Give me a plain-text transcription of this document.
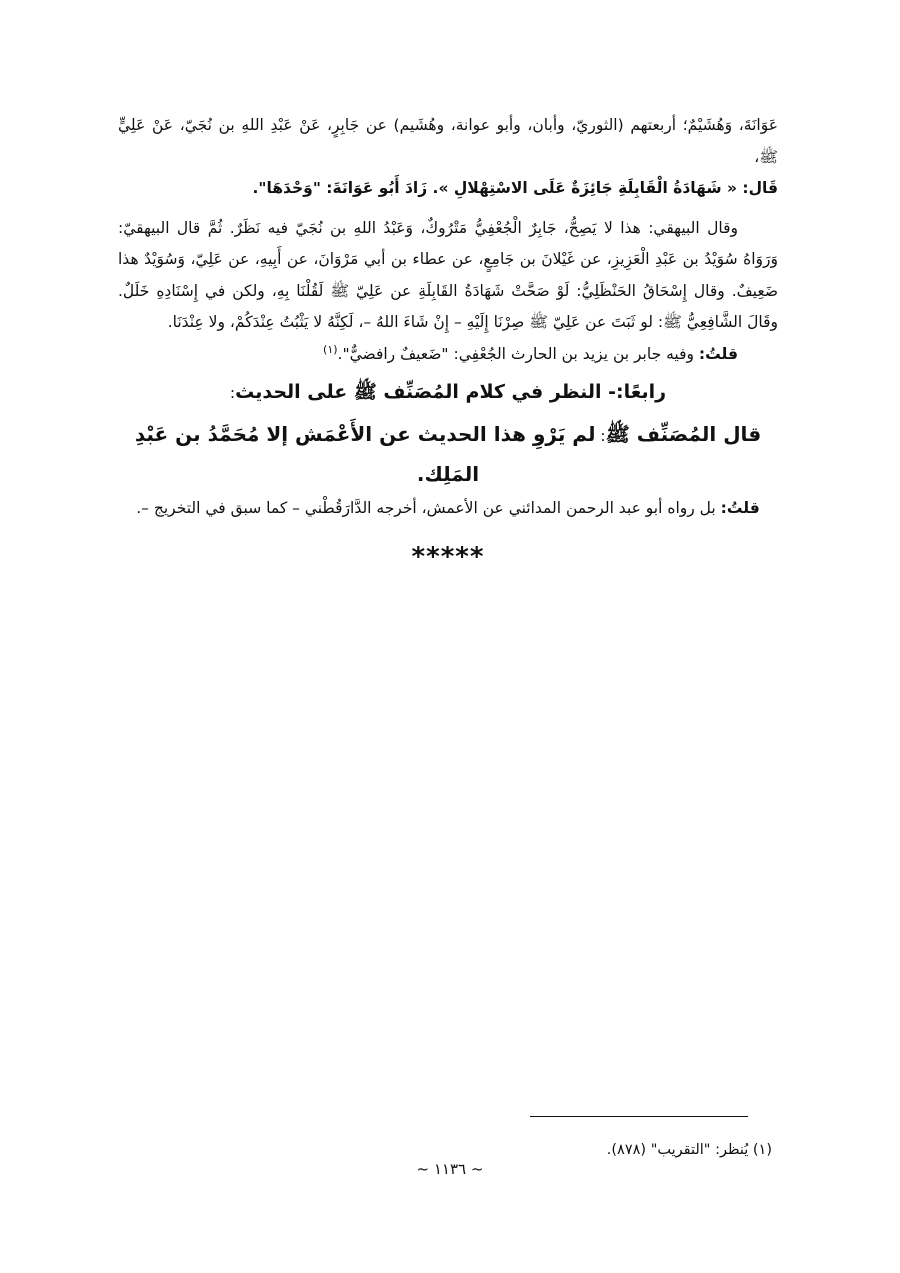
عَوَانَةَ، وَهُشَيْمٌ؛ أربعتهم (الثوريّ، وأبان، وأبو عوانة، وهُشَيم) عن جَابِرٍ، عَنْ عَبْدِ اللهِ بن نُجَيّ، عَنْ عَلِيٍّ ﷺ،
قَال: « شَهَادَةُ الْقَابِلَةِ جَائِزَةٌ عَلَى الاسْتِهْلالِ ». زَادَ أَبُو عَوَانَةَ: "وَحْدَهَا".

وقال البيهقي: هذا لا يَصِحُّ، جَابِرٌ الْجُعْفِيُّ مَتْرُوكٌ، وَعَبْدُ اللهِ بن نُجَيّ فيه نَظَرٌ. ثُمَّ قال البيهقيّ: وَرَوَاهُ سُوَيْدُ بن عَبْدِ الْعَزِيزِ، عن غَيْلانَ بن جَامِعٍ، عن عطاء بن أبي مَرْوَانَ، عن أَبِيهِ، عن عَلِيّ، وَسُوَيْدٌ هذا ضَعِيفٌ. وقال إِسْحَاقُ الحَنْظَلِيُّ: لَوْ صَحَّتْ شَهَادَةُ القَابِلَةِ عن عَلِيّ ﷺ لَقُلْنَا بِهِ، ولكن في إِسْنَادِهِ خَلَلٌ. وقَالَ الشَّافِعِيُّ ﷺ: لو ثَبَتَ عن عَلِيّ ﷺ صِرْنَا إِلَيْهِ – إِنْ شَاءَ اللهُ –، لَكِنَّهُ لا يَثْبُتُ عِنْدَكُمْ، ولا عِنْدَنَا.

قلتُ: وفيه جابر بن يزيد بن الحارث الجُعْفِي: "ضَعيفٌ رافضيٌّ".$^{(١)}$

رابعًا:- النظر في كلام المُصَنِّف ﷺ على الحديث:

قال المُصَنِّف ﷺ: لم يَرْوِ هذا الحديث عن الأَعْمَش إلا مُحَمَّدُ بن عَبْدِ المَلِك.

قلتُ: بل رواه أبو عبد الرحمن المدائني عن الأعمش، أخرجه الدَّارَقُطْني – كما سبق في التخريج –.

*****
(١) يُنظر: "التقريب" (٨٧٨).
~ ١١٣٦ ~
